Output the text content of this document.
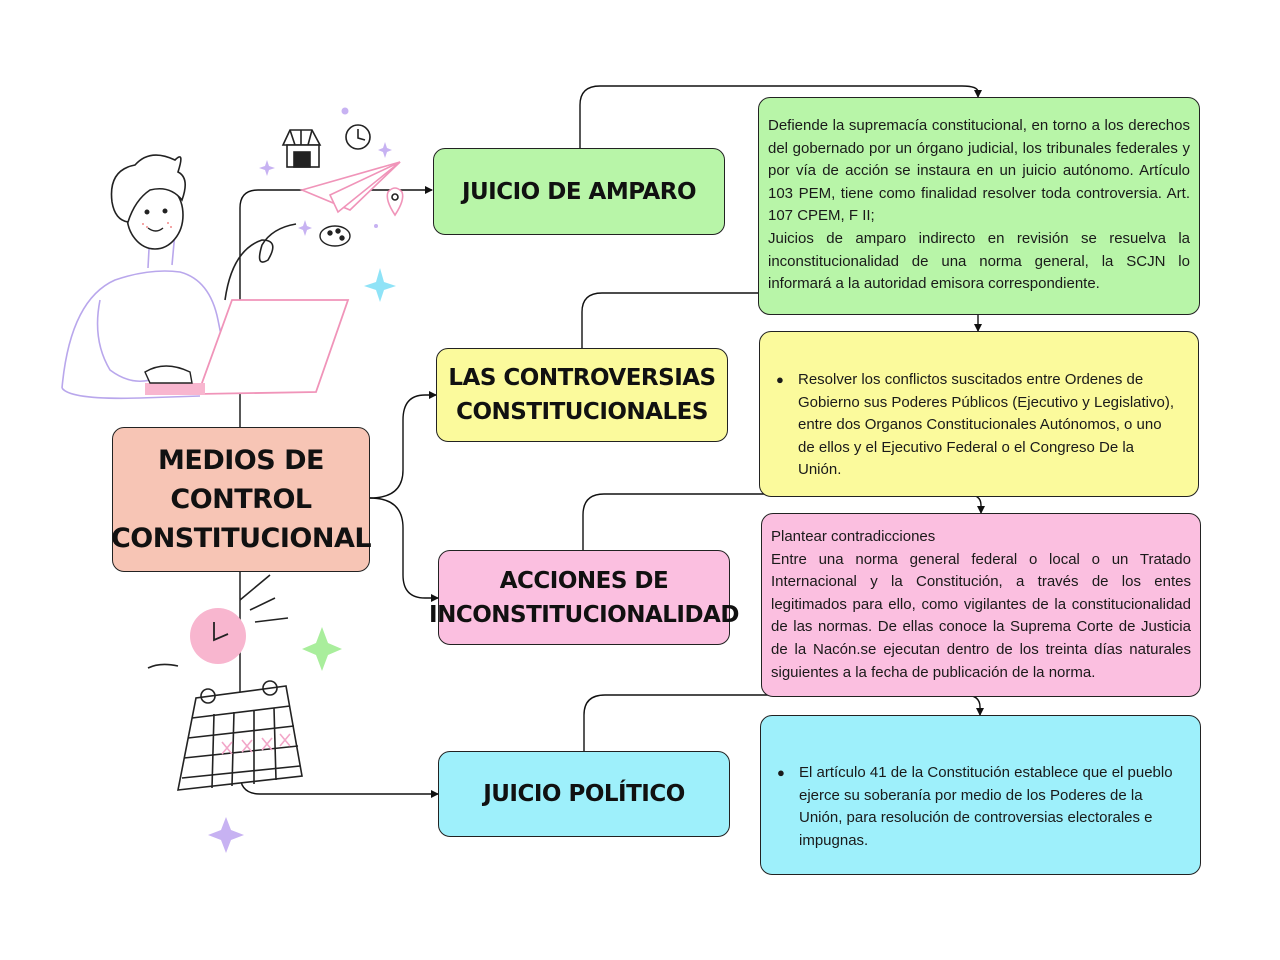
MEDIOS DE
CONTROL
CONSTITUCIONAL
JUICIO DE AMPARO
Defiende la supremacía constitucional, en torno a los derechos del gobernado por un órgano judicial, los tribunales federales y por vía de acción se instaura en un juicio autónomo. Artículo 103 PEM, tiene como finalidad resolver toda controversia. Art. 107 CPEM, F II;
Juicios de amparo indirecto en revisión se resuelva la inconstitucionalidad de una norma general, la SCJN lo informará a la autoridad emisora correspondiente.
LAS CONTROVERSIAS
CONSTITUCIONALES
● Resolver los conflictos suscitados entre Ordenes de Gobierno sus Poderes Públicos (Ejecutivo y Legislativo), entre dos Organos Constitucionales Autónomos, o uno de ellos y el Ejecutivo Federal o el Congreso De la Unión.
ACCIONES DE
INCONSTITUCIONALIDAD
Plantear contradicciones
Entre una norma general federal o local o un Tratado Internacional y la Constitución, a través de los entes legitimados para ello, como vigilantes de la constitucionalidad de las normas. De ellas conoce la Suprema Corte de Justicia de la Nacón.se ejecutan dentro de los treinta días naturales siguientes a la fecha de publicación de la norma.
JUICIO POLÍTICO
● El artículo 41 de la Constitución establece que el pueblo ejerce su soberanía por medio de los Poderes de la Unión, para resolución de controversias electorales e impugnas.
